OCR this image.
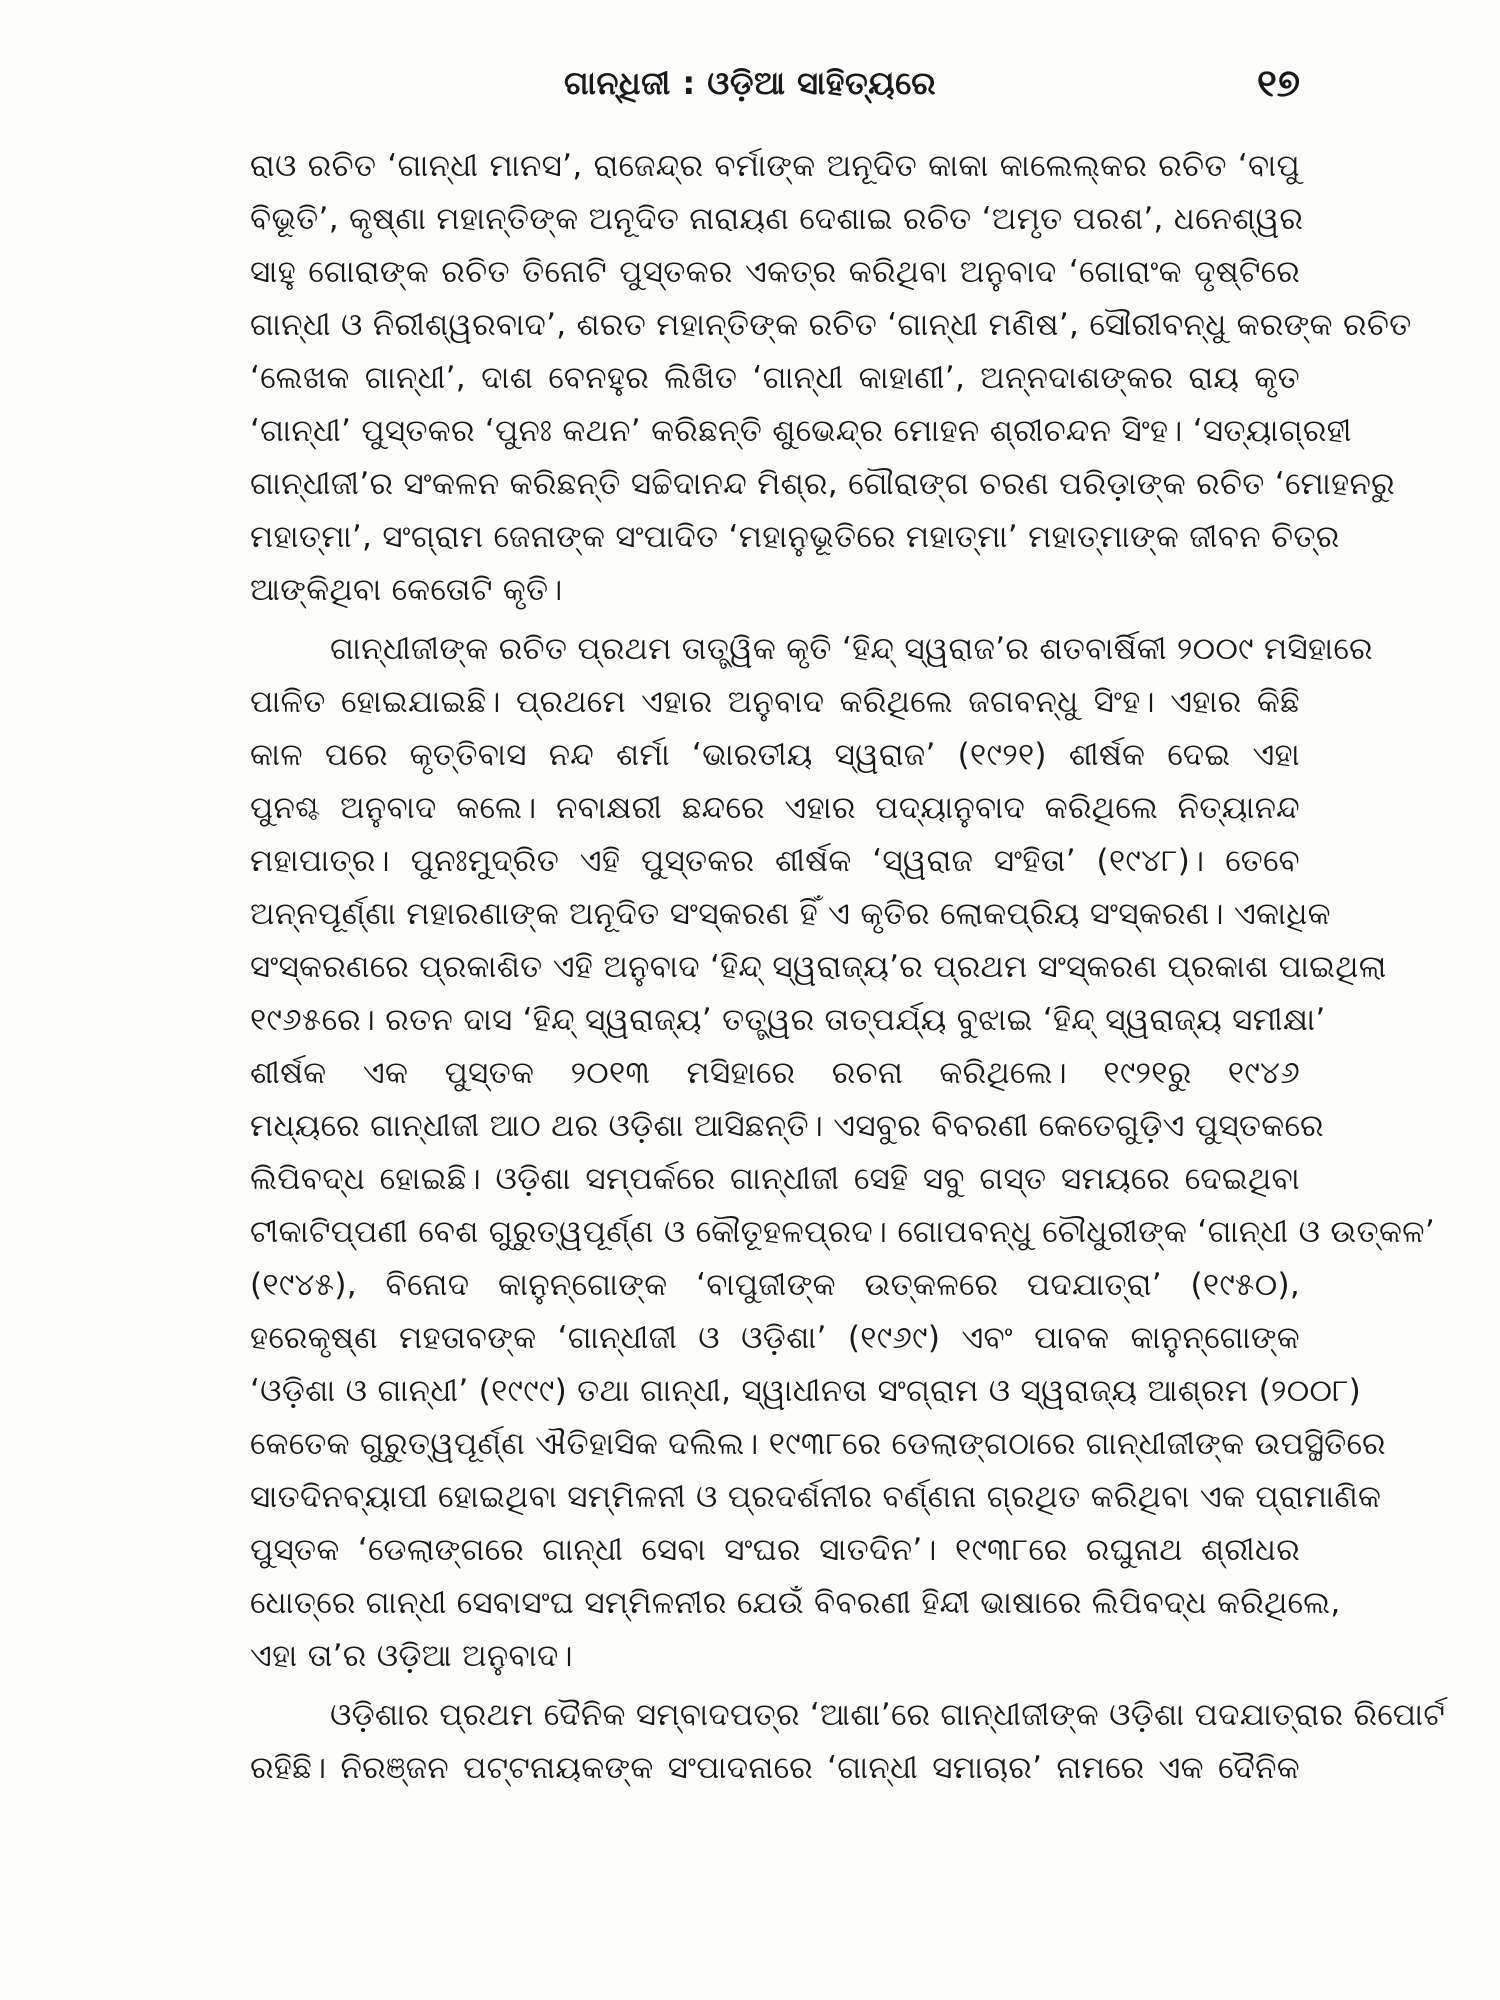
ଗାନ୍ଧିଜୀ : ଓଡ଼ିଆ ସାହିତ୍ୟରେ	୧୭
ରାଓ ରଚିତ ‘ଗାନ୍ଧୀ ମାନସ’, ରାଜେନ୍ଦ୍ର ବର୍ମାଙ୍କ ଅନୂଦିତ କାକା କାଲେଲ୍‌କର ରଚିତ ‘ବାପୁ
ବିଭୂତି’, କୃଷ୍ଣା ମହାନ୍ତିଙ୍କ ଅନୂଦିତ ନାରାୟଣ ଦେଶାଇ ରଚିତ ‘ଅମୃତ ପରଶ’, ଧନେଶ୍ୱର
ସାହୁ ଗୋରାଙ୍କ ରଚିତ ତିନୋଟି ପୁସ୍ତକର ଏକତ୍ର କରିଥିବା ଅନୁବାଦ ‘ଗୋରାଂକ ଦୃଷ୍ଟିରେ
ଗାନ୍ଧୀ ଓ ନିରୀଶ୍ୱରବାଦ’, ଶରତ ମହାନ୍ତିଙ୍କ ରଚିତ ‘ଗାନ୍ଧୀ ମଣିଷ’, ସୌରୀବନ୍ଧୁ କରଙ୍କ ରଚିତ
‘ଲେଖକ ଗାନ୍ଧୀ’, ଦାଶ ବେନହୁର ଲିଖିତ ‘ଗାନ୍ଧୀ କାହାଣୀ’, ଅନ୍ନଦାଶଙ୍କର ରାୟ କୃତ
‘ଗାନ୍ଧୀ’ ପୁସ୍ତକର ‘ପୁନଃ କଥନ’ କରିଛନ୍ତି ଶୁଭେନ୍ଦ୍ର ମୋହନ ଶ୍ରୀଚନ୍ଦନ ସିଂହ। ‘ସତ୍ୟାଗ୍ରହୀ
ଗାନ୍ଧୀଜୀ’ର ସଂକଳନ କରିଛନ୍ତି ସଚ୍ଚିଦାନନ୍ଦ ମିଶ୍ର, ଗୌରାଙ୍ଗ ଚରଣ ପରିଡ଼ାଙ୍କ ରଚିତ ‘ମୋହନରୁ
ମହାତ୍ମା’, ସଂଗ୍ରାମ ଜେନାଙ୍କ ସଂପାଦିତ ‘ମହାନୁଭୂତିରେ ମହାତ୍ମା’ ମହାତ୍ମାଙ୍କ ଜୀବନ ଚିତ୍ର
ଆଙ୍କିଥିବା କେତୋଟି କୃତି।
ଗାନ୍ଧୀଜୀଙ୍କ ରଚିତ ପ୍ରଥମ ତାତ୍ତ୍ୱିକ କୃତି ‘ହିନ୍ଦ୍ ସ୍ୱରାଜ’ର ଶତବାର୍ଷିକୀ ୨୦୦୯ ମସିହାରେ
ପାଳିତ ହୋଇଯାଇଛି। ପ୍ରଥମେ ଏହାର ଅନୁବାଦ କରିଥିଲେ ଜଗବନ୍ଧୁ ସିଂହ। ଏହାର କିଛି
କାଳ ପରେ କୃତ୍ତିବାସ ନନ୍ଦ ଶର୍ମା ‘ଭାରତୀୟ ସ୍ୱରାଜ’ (୧୯୨୧) ଶୀର୍ଷକ ଦେଇ ଏହା
ପୁନଶ୍ଚ ଅନୁବାଦ କଲେ। ନବାକ୍ଷରୀ ଛନ୍ଦରେ ଏହାର ପଦ୍ୟାନୁବାଦ କରିଥିଲେ ନିତ୍ୟାନନ୍ଦ
ମହାପାତ୍ର। ପୁନଃମୁଦ୍ରିତ ଏହି ପୁସ୍ତକର ଶୀର୍ଷକ ‘ସ୍ୱରାଜ ସଂହିତା’ (୧୯୪୮)। ତେବେ
ଅନ୍ନପୂର୍ଣ୍ଣା ମହାରଣାଙ୍କ ଅନୂଦିତ ସଂସ୍କରଣ ହିଁ ଏ କୃତିର ଲୋକପ୍ରିୟ ସଂସ୍କରଣ। ଏକାଧିକ
ସଂସ୍କରଣରେ ପ୍ରକାଶିତ ଏହି ଅନୁବାଦ ‘ହିନ୍ଦ୍ ସ୍ୱରାଜ୍ୟ’ର ପ୍ରଥମ ସଂସ୍କରଣ ପ୍ରକାଶ ପାଇଥିଲା
୧୯୬୫ରେ। ରତନ ଦାସ ‘ହିନ୍ଦ୍ ସ୍ୱରାଜ୍ୟ’ ତତ୍ତ୍ୱର ତାତ୍ପର୍ଯ୍ୟ ବୁଝାଇ ‘ହିନ୍ଦ୍ ସ୍ୱରାଜ୍ୟ ସମୀକ୍ଷା’
ଶୀର୍ଷକ ଏକ ପୁସ୍ତକ ୨୦୧୩ ମସିହାରେ ରଚନା କରିଥିଲେ। ୧୯୨୧ରୁ ୧୯୪୬
ମଧ୍ୟରେ ଗାନ୍ଧୀଜୀ ଆଠ ଥର ଓଡ଼ିଶା ଆସିଛନ୍ତି। ଏସବୁର ବିବରଣୀ କେତେଗୁଡ଼ିଏ ପୁସ୍ତକରେ
ଲିପିବଦ୍ଧ ହୋଇଛି। ଓଡ଼ିଶା ସମ୍ପର୍କରେ ଗାନ୍ଧୀଜୀ ସେହି ସବୁ ଗସ୍ତ ସମୟରେ ଦେଇଥିବା
ଟୀକାଟିପ୍ପଣୀ ବେଶ ଗୁରୁତ୍ୱପୂର୍ଣ୍ଣ ଓ କୌତୂହଳପ୍ରଦ। ଗୋପବନ୍ଧୁ ଚୌଧୁରୀଙ୍କ ‘ଗାନ୍ଧୀ ଓ ଉତ୍କଳ’
(୧୯୪୫), ବିନୋଦ କାନୁନ୍‌ଗୋଙ୍କ ‘ବାପୁଜୀଙ୍କ ଉତ୍କଳରେ ପଦଯାତ୍ରା’ (୧୯୫୦),
ହରେକୃଷ୍ଣ ମହତାବଙ୍କ ‘ଗାନ୍ଧୀଜୀ ଓ ଓଡ଼ିଶା’ (୧୯୬୯) ଏବଂ ପାବକ କାନୁନ୍‌ଗୋଙ୍କ
‘ଓଡ଼ିଶା ଓ ଗାନ୍ଧୀ’ (୧୯୯୯) ତଥା ଗାନ୍ଧୀ, ସ୍ୱାଧୀନତା ସଂଗ୍ରାମ ଓ ସ୍ୱରାଜ୍ୟ ଆଶ୍ରମ (୨୦୦୮)
କେତେକ ଗୁରୁତ୍ୱପୂର୍ଣ୍ଣ ଐତିହାସିକ ଦଲିଲ। ୧୯୩୮ରେ ଡେଲାଙ୍ଗଠାରେ ଗାନ୍ଧୀଜୀଙ୍କ ଉପସ୍ଥିତିରେ
ସାତଦିନବ୍ୟାପୀ ହୋଇଥିବା ସମ୍ମିଳନୀ ଓ ପ୍ରଦର୍ଶନୀର ବର୍ଣ୍ଣନା ଗ୍ରଥିତ କରିଥିବା ଏକ ପ୍ରାମାଣିକ
ପୁସ୍ତକ ‘ଡେଲାଙ୍ଗରେ ଗାନ୍ଧୀ ସେବା ସଂଘର ସାତଦିନ’। ୧୯୩୮ରେ ରଘୁନାଥ ଶ୍ରୀଧର
ଧୋତ୍ରେ ଗାନ୍ଧୀ ସେବାସଂଘ ସମ୍ମିଳନୀର ଯେଉଁ ବିବରଣୀ ହିନ୍ଦୀ ଭାଷାରେ ଲିପିବଦ୍ଧ କରିଥିଲେ,
ଏହା ତା’ର ଓଡ଼ିଆ ଅନୁବାଦ।
ଓଡ଼ିଶାର ପ୍ରଥମ ଦୈନିକ ସମ୍ବାଦପତ୍ର ‘ଆଶା’ରେ ଗାନ୍ଧୀଜୀଙ୍କ ଓଡ଼ିଶା ପଦଯାତ୍ରାର ରିପୋର୍ଟ
ରହିଛି। ନିରଞ୍ଜନ ପଟ୍ଟନାୟକଙ୍କ ସଂପାଦନାରେ ‘ଗାନ୍ଧୀ ସମାଚାର’ ନାମରେ ଏକ ଦୈନିକ
